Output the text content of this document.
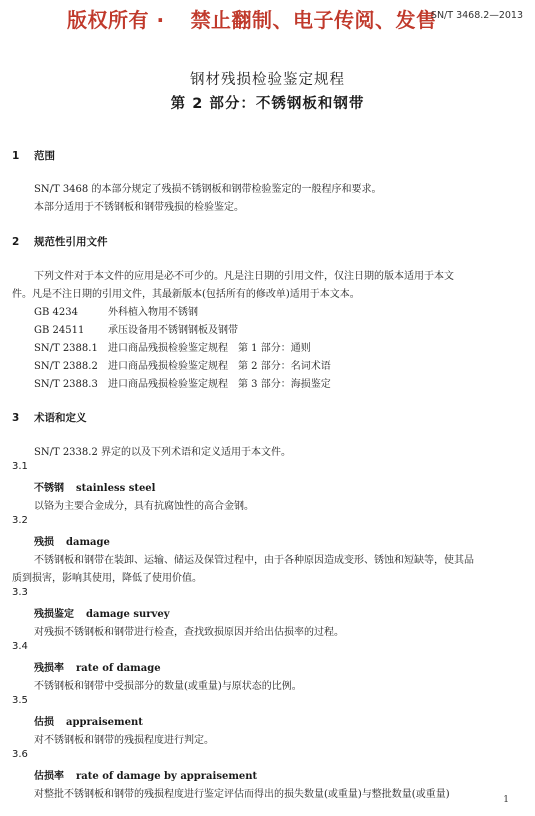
版权所有 · 禁止翻制、电子传阅、发售
SN/T 3468.2—2013
钢材残损检验鉴定规程
第 2 部分：不锈钢板和钢带
1 范围
SN/T 3468 的本部分规定了残损不锈钢板和钢带检验鉴定的一般程序和要求。
本部分适用于不锈钢板和钢带残损的检验鉴定。
2 规范性引用文件
下列文件对于本文件的应用是必不可少的。凡是注日期的引用文件，仅注日期的版本适用于本文
件。凡是不注日期的引用文件，其最新版本(包括所有的修改单)适用于本文本。
GB 4234	外科植入物用不锈钢
GB 24511 承压设备用不锈钢钢板及钢带
SN/T 2388.1 进口商品残损检验鉴定规程　第 1 部分：通则
SN/T 2388.2 进口商品残损检验鉴定规程　第 2 部分：名词术语
SN/T 2388.3 进口商品残损检验鉴定规程　第 3 部分：海损鉴定
3 术语和定义
SN/T 2338.2 界定的以及下列术语和定义适用于本文件。
3.1
不锈钢 stainless steel
以铬为主要合金成分，具有抗腐蚀性的高合金钢。
3.2
残损 damage
不锈钢板和钢带在装卸、运输、储运及保管过程中，由于各种原因造成变形、锈蚀和短缺等，使其品
质到损害，影响其使用，降低了使用价值。
3.3
残损鉴定 damage survey
对残损不锈钢板和钢带进行检查，查找致损原因并给出估损率的过程。
3.4
残损率 rate of damage
不锈钢板和钢带中受损部分的数量(或重量)与原状态的比例。
3.5
估损 appraisement
对不锈钢板和钢带的残损程度进行判定。
3.6
估损率 rate of damage by appraisement
对整批不锈钢板和钢带的残损程度进行鉴定评估而得出的损失数量(或重量)与整批数量(或重量)	1
